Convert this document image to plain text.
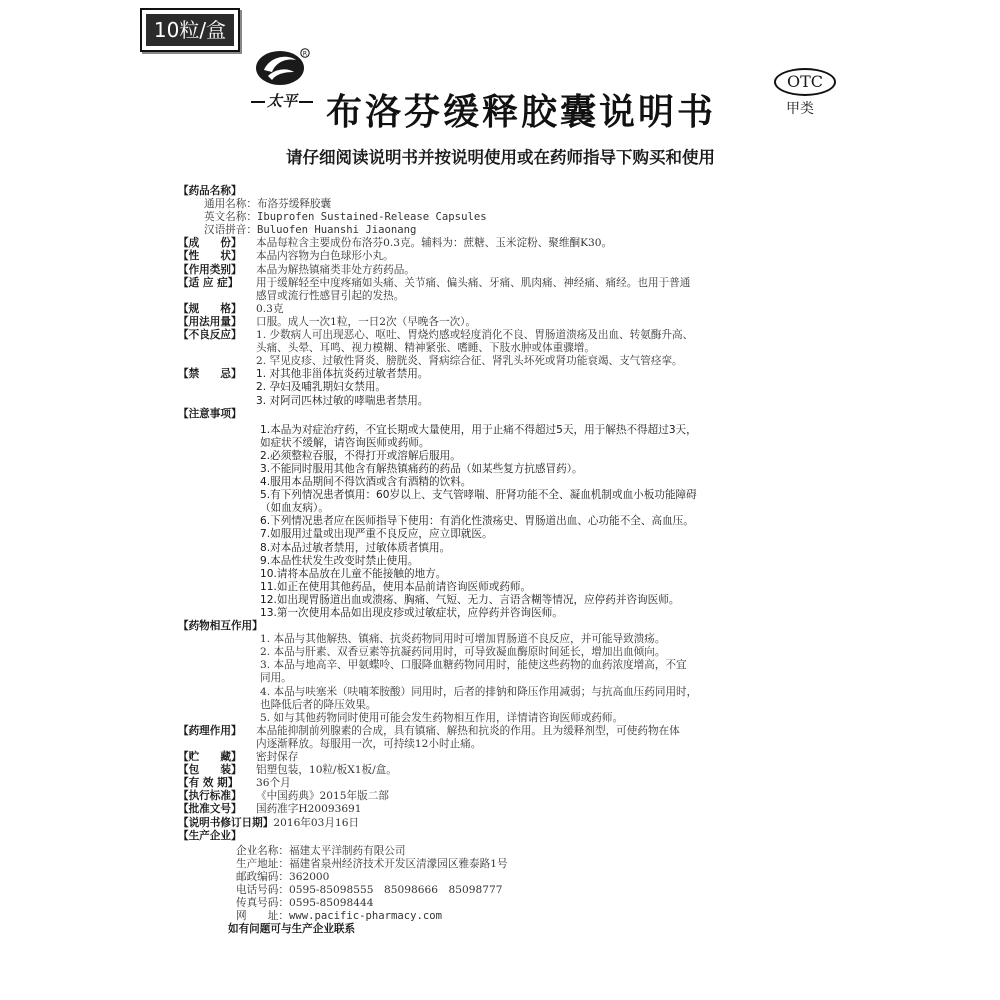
10粒/盒
R
太平 布洛芬缓释胶囊说明书
OTC
甲类
请仔细阅读说明书并按说明使用或在药师指导下购买和使用
【药品名称】
通用名称：布洛芬缓释胶囊
英文名称：Ibuprofen Sustained-Release Capsules
汉语拼音：Buluofen Huanshi Jiaonang
【成　　份】	本品每粒含主要成份布洛芬0.3克。辅料为：蔗糖、玉米淀粉、聚维酮K30。
【性　　状】	本品内容物为白色球形小丸。
【作用类别】	本品为解热镇痛类非处方药药品。
【适 应 症】	用于缓解轻至中度疼痛如头痛、关节痛、偏头痛、牙痛、肌肉痛、神经痛、痛经。也用于普通
感冒或流行性感冒引起的发热。
【规　　格】	0.3克
【用法用量】	口服。成人一次1粒，一日2次（早晚各一次）。
【不良反应】	1. 少数病人可出现恶心、呕吐、胃烧灼感或轻度消化不良、胃肠道溃疡及出血、转氨酶升高、
头痛、头晕、耳鸣、视力模糊、精神紧张、嗜睡、下肢水肿或体重骤增。
2. 罕见皮疹、过敏性肾炎、膀胱炎、肾病综合征、肾乳头坏死或肾功能衰竭、支气管痉挛。
【禁　　忌】	1. 对其他非甾体抗炎药过敏者禁用。
2. 孕妇及哺乳期妇女禁用。
3. 对阿司匹林过敏的哮喘患者禁用。
【注意事项】
1.本品为对症治疗药，不宜长期或大量使用，用于止痛不得超过5天，用于解热不得超过3天，
如症状不缓解，请咨询医师或药师。
2.必须整粒吞服，不得打开或溶解后服用。
3.不能同时服用其他含有解热镇痛药的药品（如某些复方抗感冒药）。
4.服用本品期间不得饮酒或含有酒精的饮料。
5.有下列情况患者慎用：60岁以上、支气管哮喘、肝肾功能不全、凝血机制或血小板功能障碍
（如血友病）。
6.下列情况患者应在医师指导下使用：有消化性溃疡史、胃肠道出血、心功能不全、高血压。
7.如服用过量或出现严重不良反应，应立即就医。
8.对本品过敏者禁用，过敏体质者慎用。
9.本品性状发生改变时禁止使用。
10.请将本品放在儿童不能接触的地方。
11.如正在使用其他药品，使用本品前请咨询医师或药师。
12.如出现胃肠道出血或溃疡、胸痛、气短、无力、言语含糊等情况，应停药并咨询医师。
13.第一次使用本品如出现皮疹或过敏症状，应停药并咨询医师。
【药物相互作用】
1. 本品与其他解热、镇痛、抗炎药物同用时可增加胃肠道不良反应，并可能导致溃疡。
2. 本品与肝素、双香豆素等抗凝药同用时，可导致凝血酶原时间延长，增加出血倾向。
3. 本品与地高辛、甲氨蝶呤、口服降血糖药物同用时，能使这些药物的血药浓度增高，不宜
同用。
4. 本品与呋塞米（呋喃苯胺酸）同用时，后者的排钠和降压作用减弱；与抗高血压药同用时，
也降低后者的降压效果。
5. 如与其他药物同时使用可能会发生药物相互作用，详情请咨询医师或药师。
【药理作用】	本品能抑制前列腺素的合成，具有镇痛、解热和抗炎的作用。且为缓释剂型，可使药物在体
内逐渐释放。每服用一次，可持续12小时止痛。
【贮　　藏】	密封保存
【包　　装】	铝塑包装，10粒/板X1板/盒。
【有 效 期】	36个月
【执行标准】	《中国药典》2015年版二部
【批准文号】	国药准字H20093691
【说明书修订日期】 2016年03月16日
【生产企业】
企业名称：福建太平洋制药有限公司
生产地址：福建省泉州经济技术开发区清濛园区雅泰路1号
邮政编码：362000
电话号码：0595-85098555　85098666　85098777
传真号码：0595-85098444
网　　址：www.pacific-pharmacy.com
如有问题可与生产企业联系
